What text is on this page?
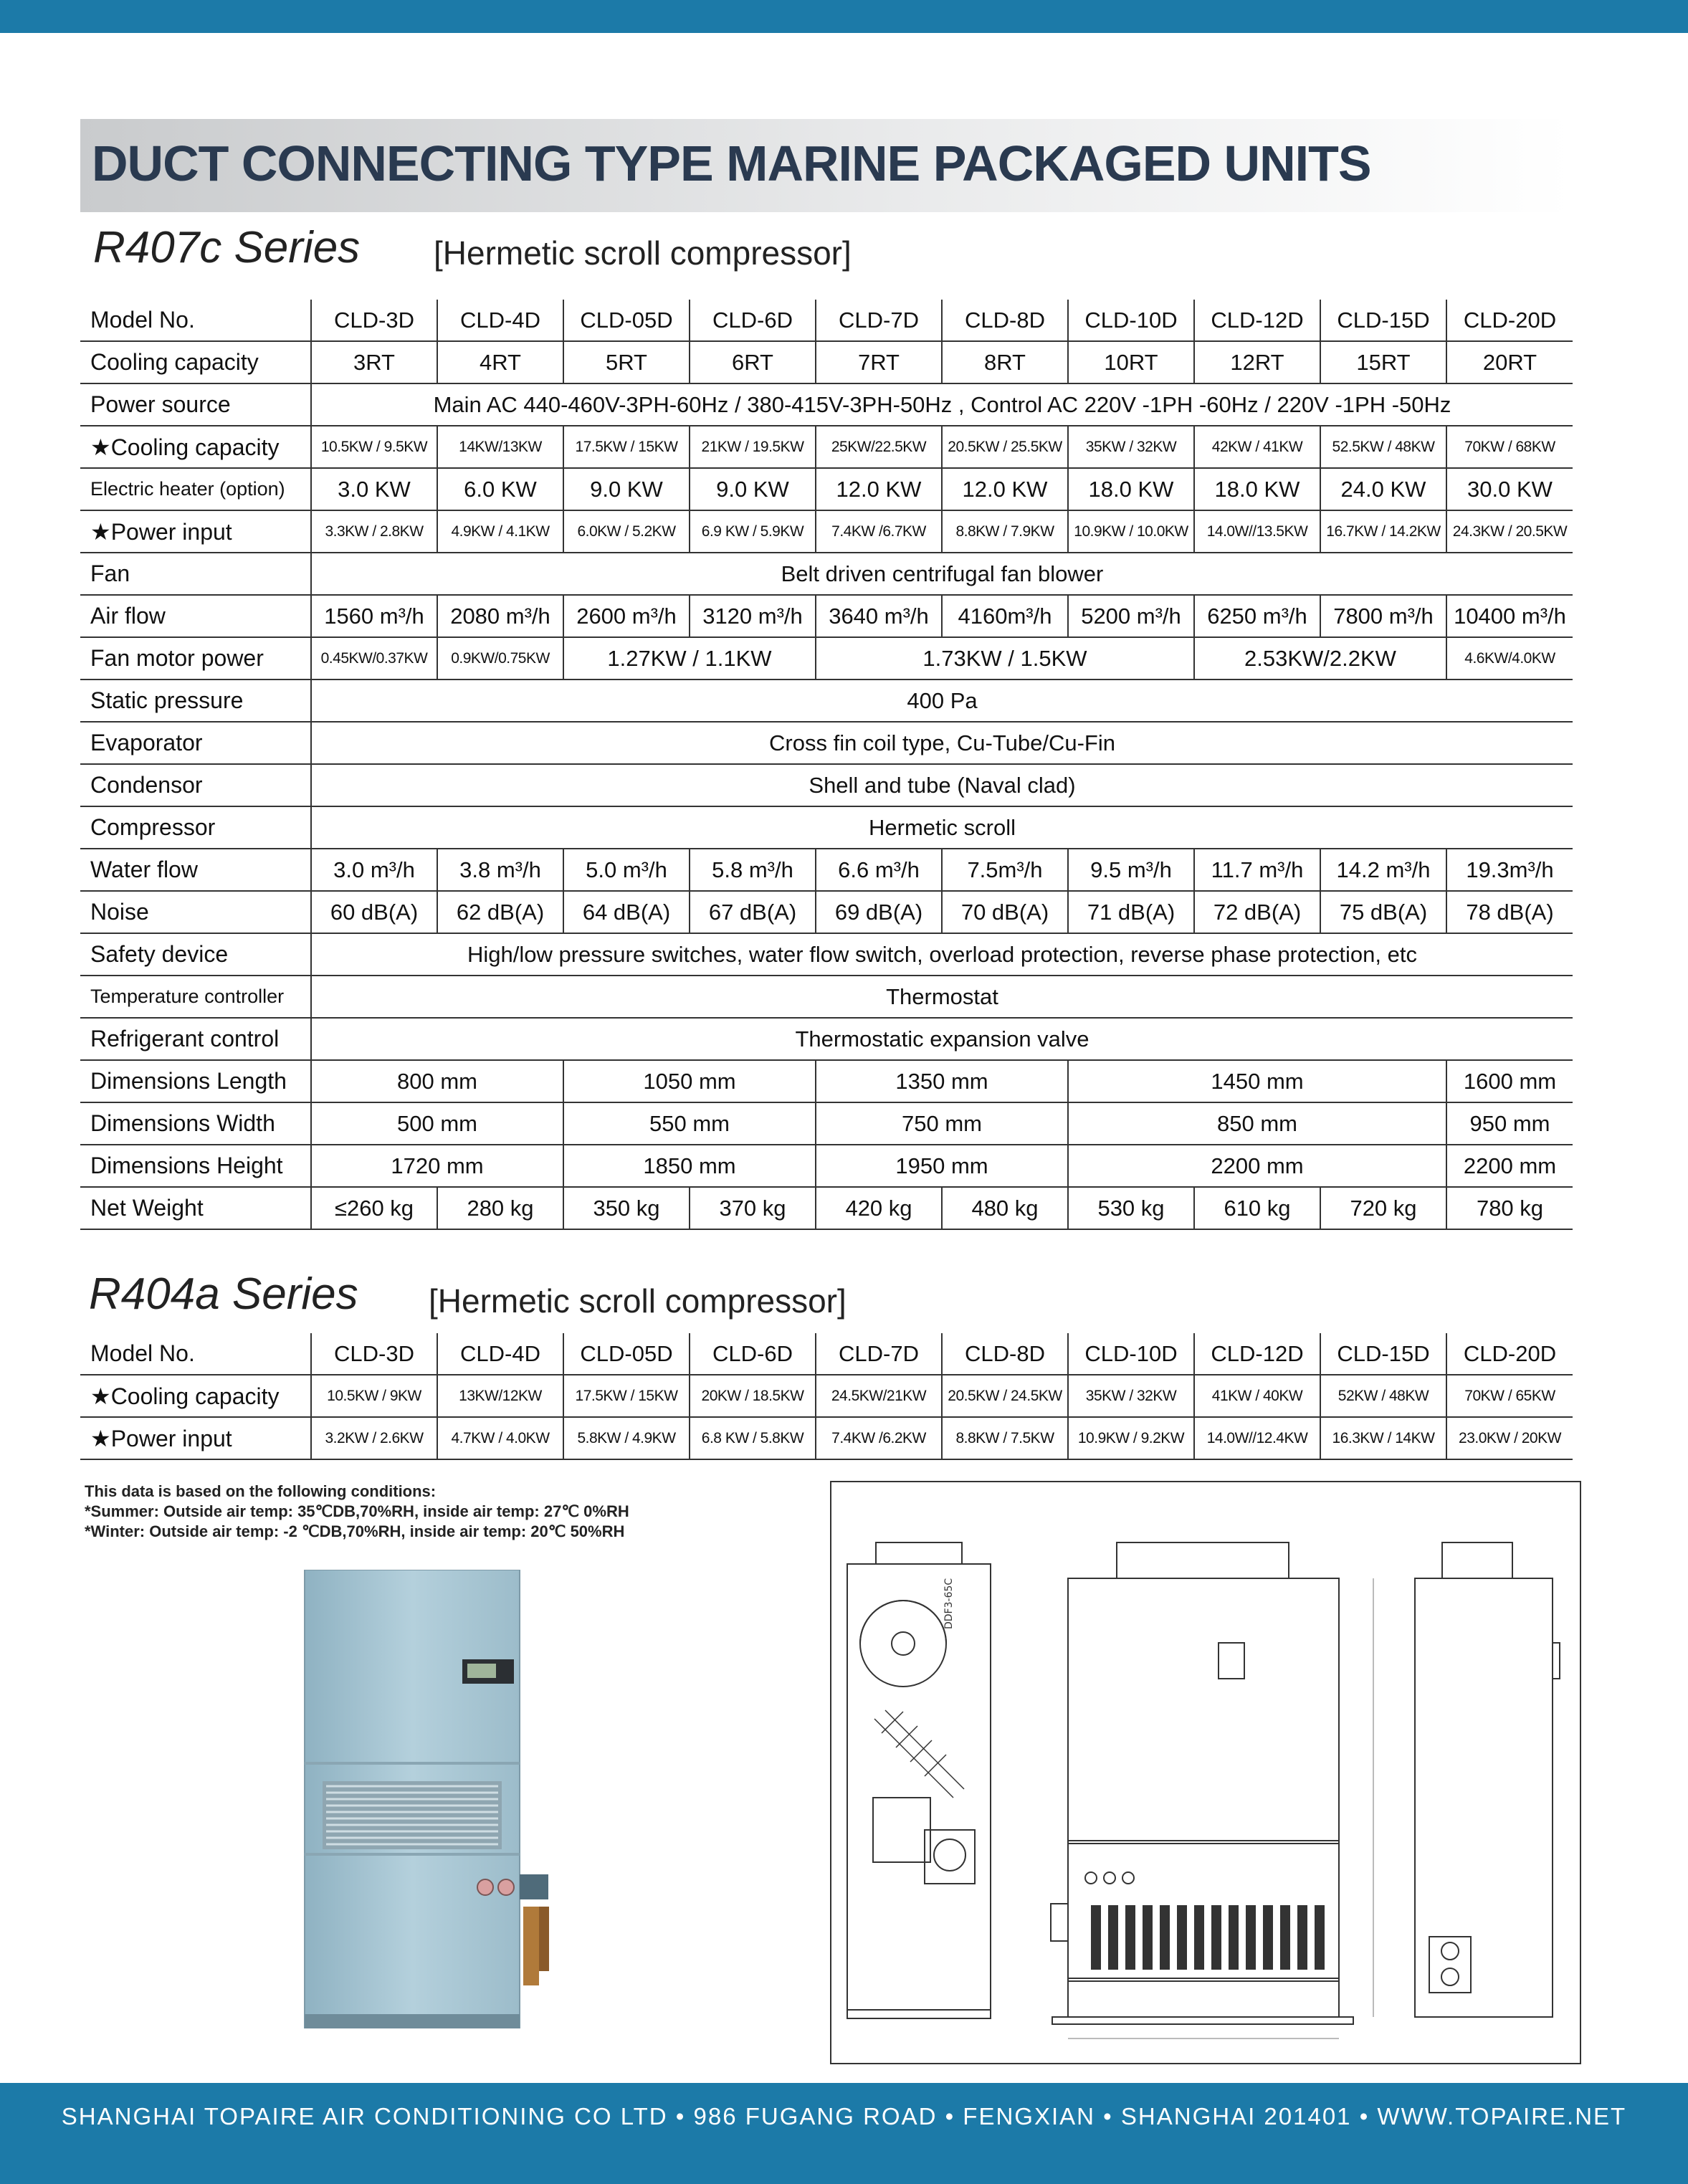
DUCT CONNECTING TYPE MARINE PACKAGED UNITS
R407c Series [Hermetic scroll compressor]
Model No.	CLD-3D	CLD-4D	CLD-05D	CLD-6D	CLD-7D	CLD-8D	CLD-10D	CLD-12D	CLD-15D	CLD-20D
Cooling capacity	3RT	4RT	5RT	6RT	7RT	8RT	10RT	12RT	15RT	20RT
Power source	Main AC 440-460V-3PH-60Hz / 380-415V-3PH-50Hz , Control AC 220V -1PH -60Hz / 220V -1PH -50Hz									
★Cooling capacity	10.5KW / 9.5KW	14KW/13KW	17.5KW / 15KW	21KW / 19.5KW	25KW/22.5KW	20.5KW / 25.5KW	35KW / 32KW	42KW / 41KW	52.5KW / 48KW	70KW / 68KW
Electric heater (option)	3.0 KW	6.0 KW	9.0 KW	9.0 KW	12.0 KW	12.0 KW	18.0 KW	18.0 KW	24.0 KW	30.0 KW
★Power input	3.3KW / 2.8KW	4.9KW / 4.1KW	6.0KW / 5.2KW	6.9 KW / 5.9KW	7.4KW /6.7KW	8.8KW / 7.9KW	10.9KW / 10.0KW	14.0W//13.5KW	16.7KW / 14.2KW	24.3KW / 20.5KW
Fan	Belt driven centrifugal fan blower									
Air flow	1560 m³/h	2080 m³/h	2600 m³/h	3120 m³/h	3640 m³/h	4160m³/h	5200 m³/h	6250 m³/h	7800 m³/h	10400 m³/h
Fan motor power	0.45KW/0.37KW	0.9KW/0.75KW	1.27KW / 1.1KW		1.73KW / 1.5KW			2.53KW/2.2KW		4.6KW/4.0KW
Static pressure	400 Pa									
Evaporator	Cross fin coil type, Cu-Tube/Cu-Fin									
Condensor	Shell and tube (Naval clad)									
Compressor	Hermetic scroll									
Water flow	3.0 m³/h	3.8 m³/h	5.0 m³/h	5.8 m³/h	6.6 m³/h	7.5m³/h	9.5 m³/h	11.7 m³/h	14.2 m³/h	19.3m³/h
Noise	60 dB(A)	62 dB(A)	64 dB(A)	67 dB(A)	69 dB(A)	70 dB(A)	71 dB(A)	72 dB(A)	75 dB(A)	78 dB(A)
Safety device	High/low pressure switches, water flow switch, overload protection, reverse phase protection, etc									
Temperature controller	Thermostat									
Refrigerant control	Thermostatic expansion valve									
Dimensions Length	800 mm		1050 mm		1350 mm		1450 mm			1600 mm
Dimensions Width	500 mm		550 mm		750 mm		850 mm			950 mm
Dimensions Height	1720 mm		1850 mm		1950 mm		2200 mm			2200 mm
Net Weight	≤260 kg	280 kg	350 kg	370 kg	420 kg	480 kg	530 kg	610 kg	720 kg	780 kg
R404a Series [Hermetic scroll compressor]
Model No.	CLD-3D	CLD-4D	CLD-05D	CLD-6D	CLD-7D	CLD-8D	CLD-10D	CLD-12D	CLD-15D	CLD-20D
★Cooling capacity	10.5KW / 9KW	13KW/12KW	17.5KW / 15KW	20KW / 18.5KW	24.5KW/21KW	20.5KW / 24.5KW	35KW / 32KW	41KW / 40KW	52KW / 48KW	70KW / 65KW
★Power input	3.2KW / 2.6KW	4.7KW / 4.0KW	5.8KW / 4.9KW	6.8 KW / 5.8KW	7.4KW /6.2KW	8.8KW / 7.5KW	10.9KW / 9.2KW	14.0W//12.4KW	16.3KW / 14KW	23.0KW / 20KW
This data is based on the following conditions:
*Summer: Outside air temp: 35℃DB,70%RH, inside air temp: 27℃ 0%RH
*Winter: Outside air temp: -2 ℃DB,70%RH, inside air temp: 20℃ 50%RH
DDF3-65C
SHANGHAI TOPAIRE AIR CONDITIONING CO LTD • 986 FUGANG ROAD • FENGXIAN • SHANGHAI 201401 • WWW.TOPAIRE.NET
